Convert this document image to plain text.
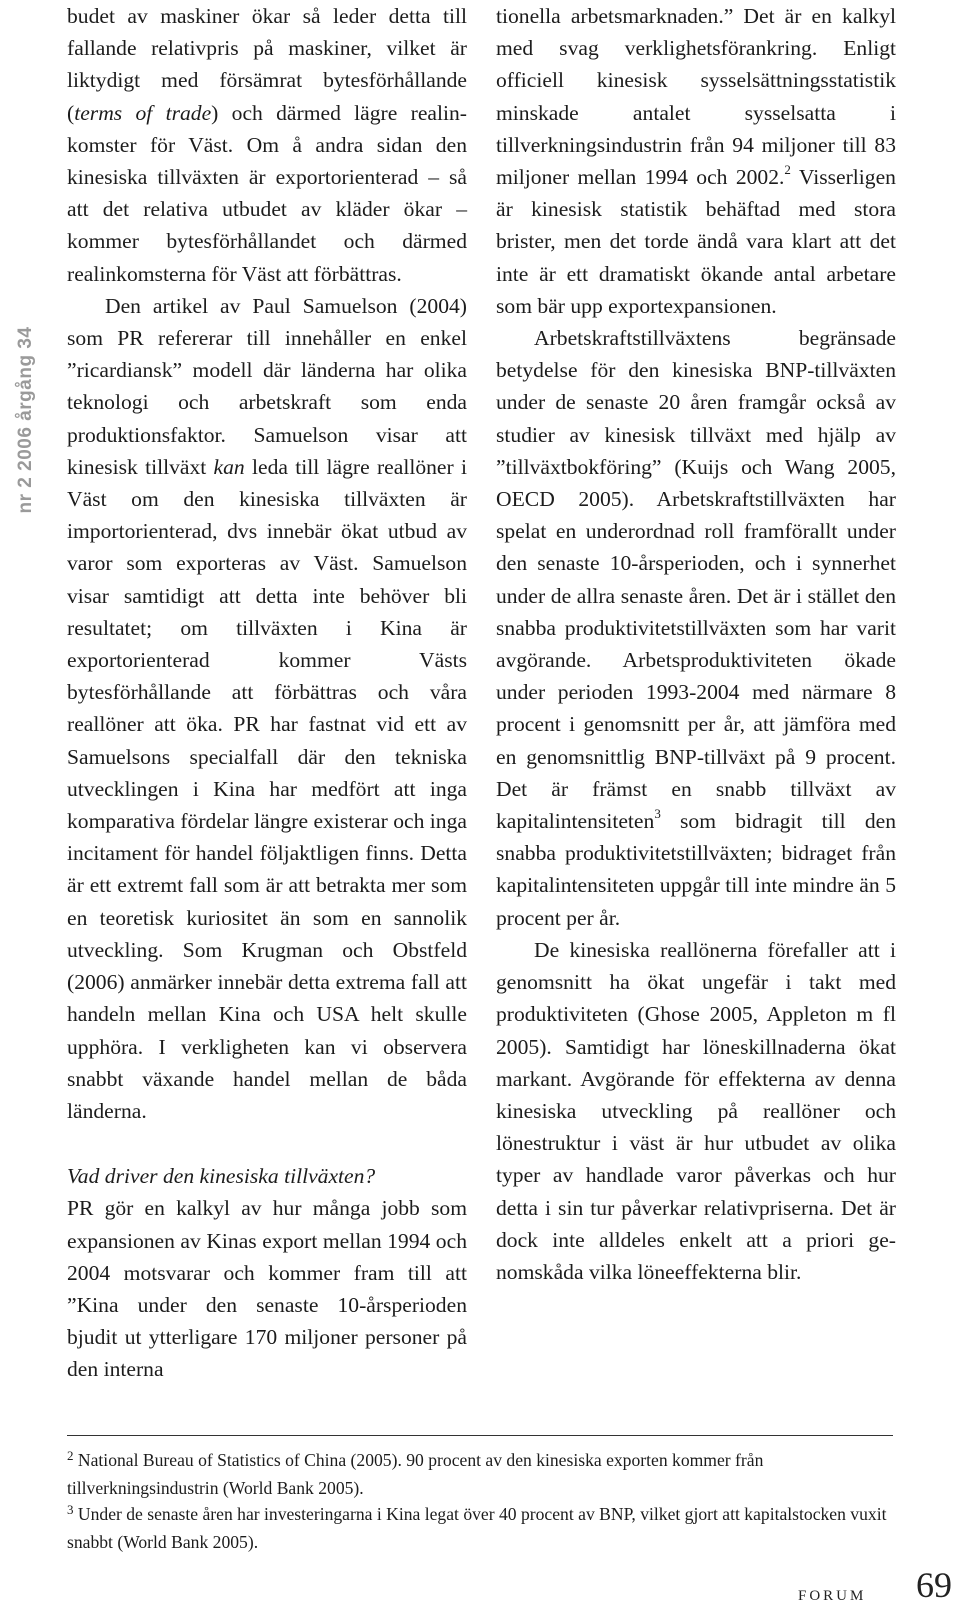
nr 2 2006 årgång 34

budet av maskiner ökar så leder detta till fallande relativpris på maskiner, vilket är liktydigt med försämrat bytesförhållande (terms of trade) och därmed lägre realinkomster för Väst. Om å andra sidan den kinesiska tillväxten är exportorienterad – så att det relativa utbudet av kläder ökar – kommer bytesförhållandet och därmed realinkomsterna för Väst att förbättras.

Den artikel av Paul Samuelson (2004) som PR refererar till innehåller en enkel ”ricardiansk” modell där länderna har olika teknologi och arbetskraft som enda produktionsfaktor. Samuelson visar att kinesisk tillväxt kan leda till lägre reallöner i Väst om den kinesiska tillväxten är importorienterad, dvs innebär ökat utbud av varor som exporteras av Väst. Samuelson visar samtidigt att detta inte behöver bli resultatet; om tillväxten i Kina är exportorienterad kommer Västs bytesförhållande att förbättras och våra reallöner att öka. PR har fastnat vid ett av Samuelsons specialfall där den tekniska utvecklingen i Kina har medfört att inga komparativa fördelar längre existerar och inga incitament för handel följaktligen finns. Detta är ett extremt fall som är att betrakta mer som en teoretisk kuriositet än som en sannolik utveckling. Som Krugman och Obstfeld (2006) anmärker innebär detta extrema fall att handeln mellan Kina och USA helt skulle upphöra. I verkligheten kan vi observera snabbt växande handel mellan de båda länderna.

Vad driver den kinesiska tillväxten?

PR gör en kalkyl av hur många jobb som expansionen av Kinas export mellan 1994 och 2004 motsvarar och kommer fram till att ”Kina under den senaste 10-årsperioden bjudit ut ytterligare 170 miljoner personer på den interna

tionella arbetsmarknaden.” Det är en kalkyl med svag verklighetsförankring. Enligt officiell kinesisk sysselsättningsstatistik minskade antalet sysselsatta i tillverkningsindustrin från 94 miljoner till 83 miljoner mellan 1994 och 2002.$^2$ Visserligen är kinesisk statistik behäftad med stora brister, men det torde ändå vara klart att det inte är ett dramatiskt ökande antal arbetare som bär upp exportexpansionen.

Arbetskraftstillväxtens begränsade betydelse för den kinesiska BNP-tillväxten under de senaste 20 åren framgår också av studier av kinesisk tillväxt med hjälp av ”tillväxtbokföring” (Kuijs och Wang 2005, OECD 2005). Arbetskraftstillväxten har spelat en underordnad roll framförallt under den senaste 10-årsperioden, och i synnerhet under de allra senaste åren. Det är i stället den snabba produktivitetstillväxten som har varit avgörande. Arbetsproduktiviteten ökade under perioden 1993-2004 med närmare 8 procent i genomsnitt per år, att jämföra med en genomsnittlig BNP-tillväxt på 9 procent. Det är främst en snabb tillväxt av kapitalintensiteten$^3$ som bidragit till den snabba produktivitetstillväxten; bidraget från kapitalintensiteten uppgår till inte mindre än 5 procent per år.

De kinesiska reallönerna förefaller att i genomsnitt ha ökat ungefär i takt med produktiviteten (Ghose 2005, Appleton m fl 2005). Samtidigt har löneskillnaderna ökat markant. Avgörande för effekterna av denna kinesiska utveckling på reallöner och lönestruktur i väst är hur utbudet av olika typer av handlade varor påverkas och hur detta i sin tur påverkar relativpriserna. Det är dock inte alldeles enkelt att a priori genomskåda vilka löneeffekterna blir.

$^2$ National Bureau of Statistics of China (2005). 90 procent av den kinesiska exporten kommer från tillverkningsindustrin (World Bank 2005).

$^3$ Under de senaste åren har investeringarna i Kina legat över 40 procent av BNP, vilket gjort att kapitalstocken vuxit snabbt (World Bank 2005).

FORUM 69
